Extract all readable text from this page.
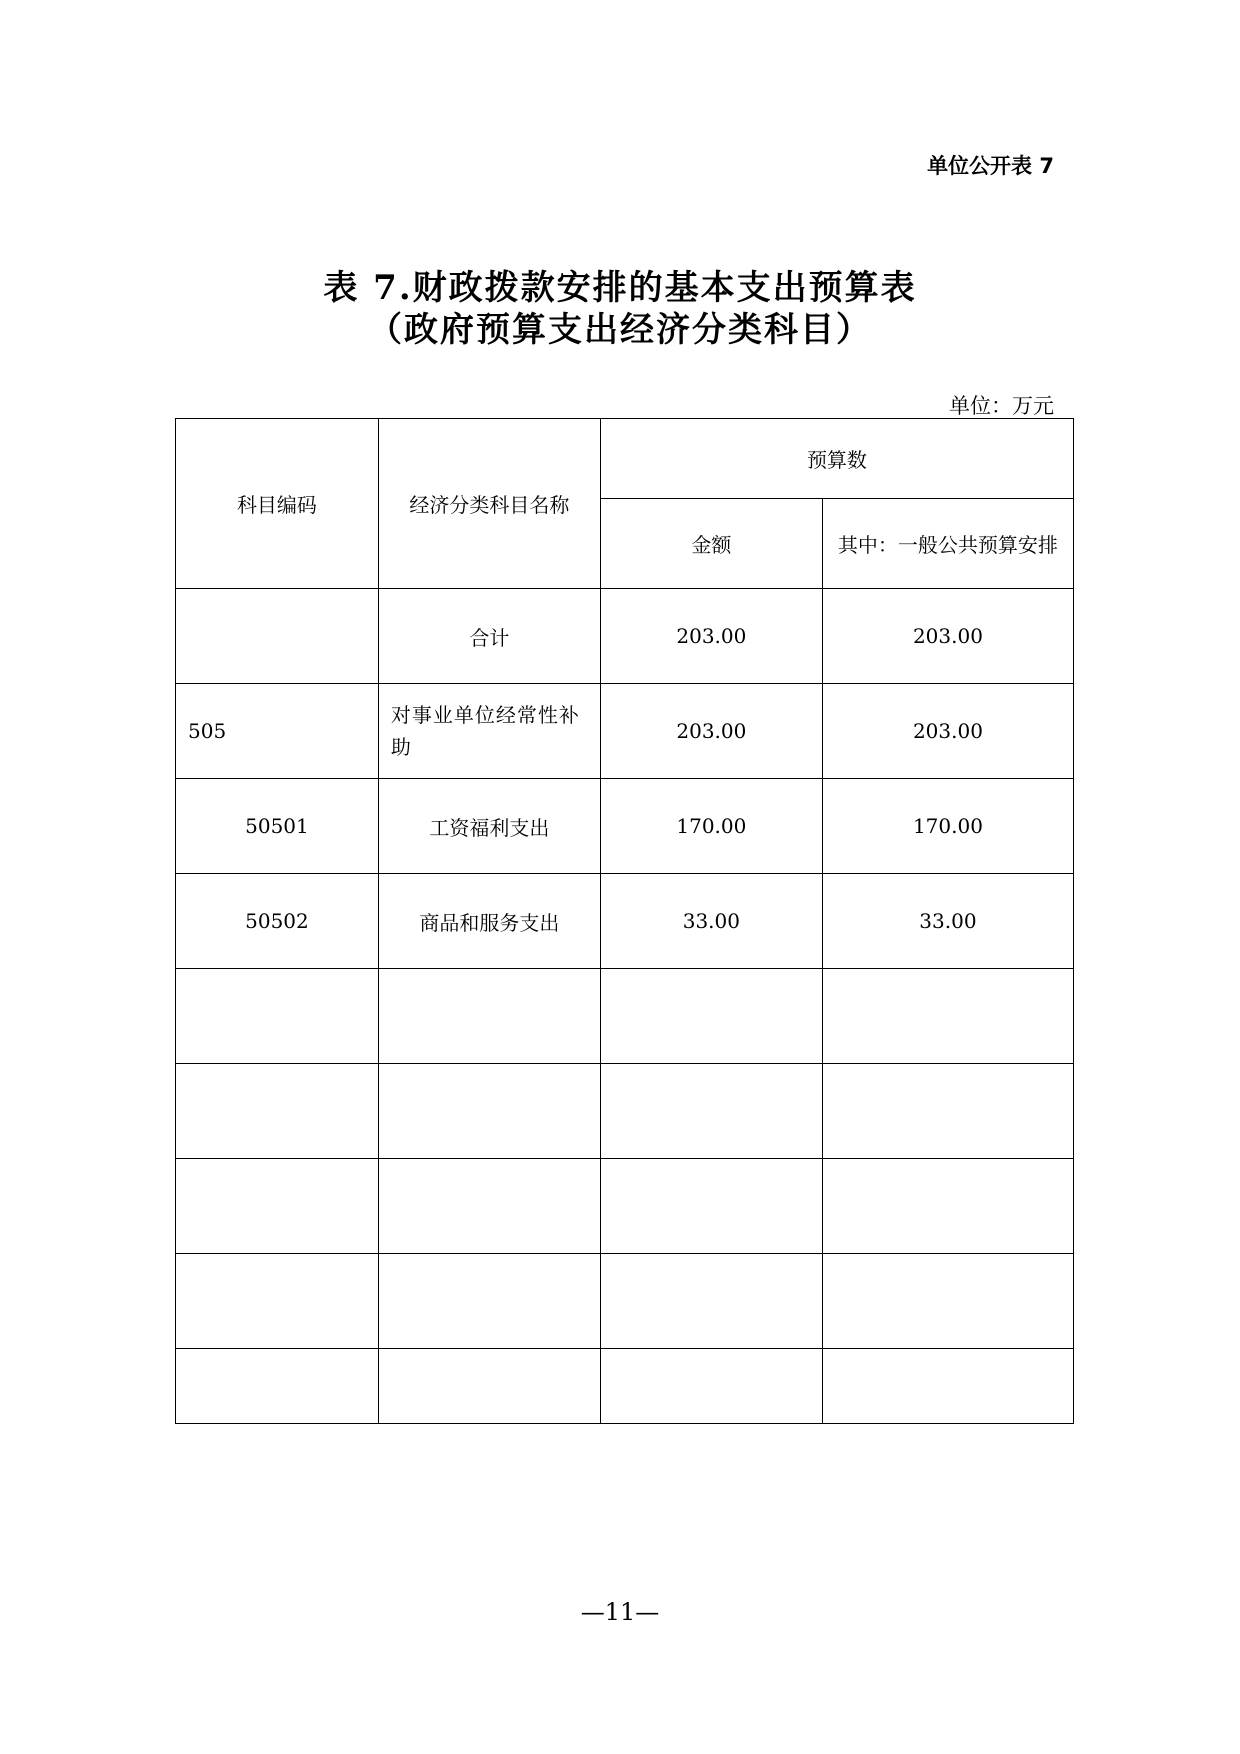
单位公开表 7
表 7.财政拨款安排的基本支出预算表
（政府预算支出经济分类科目）
单位：万元
科目编码	经济分类科目名称	预算数	
		金额	其中：一般公共预算安排
	合计	203.00	203.00
505	对事业单位经常性补助	203.00	203.00
50501	工资福利支出	170.00	170.00
50502	商品和服务支出	33.00	33.00

—11—
